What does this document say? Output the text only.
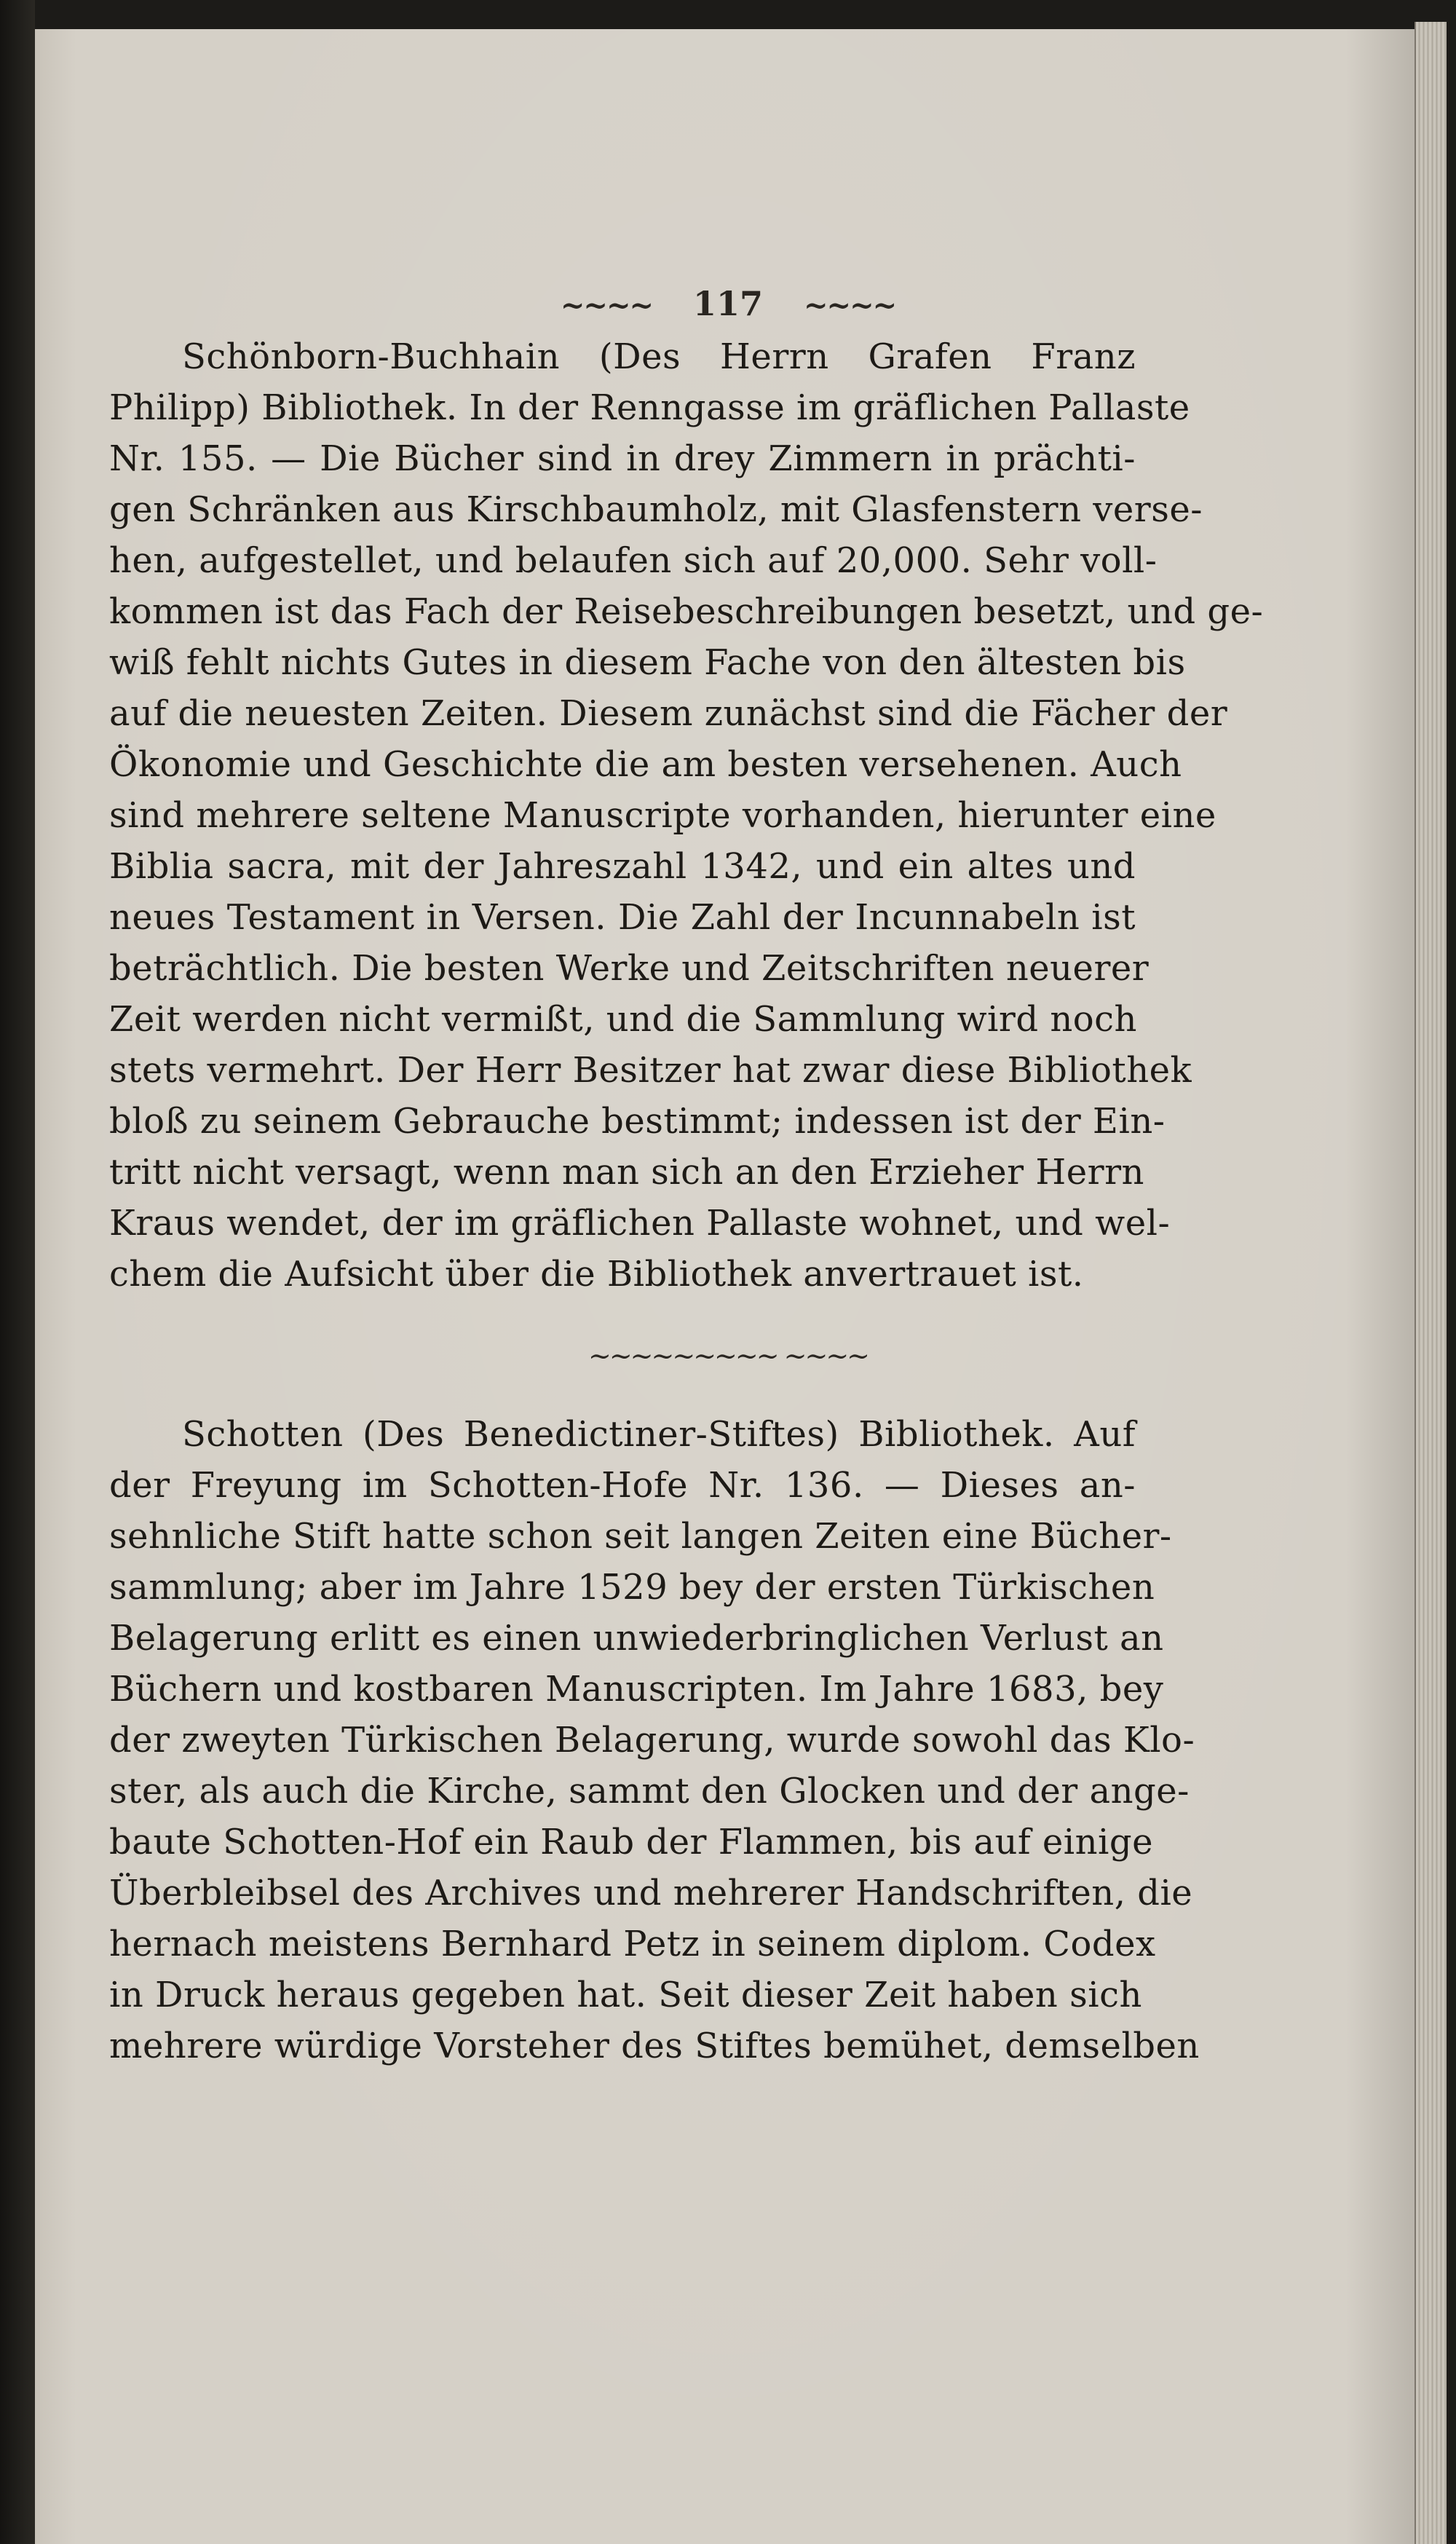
~~~~ 117 ~~~~
Schönborn-Buchhain (Des Herrn Grafen Franz
Philipp) Bibliothek. In der Renngasse im gräflichen Pallaste
Nr. 155. — Die Bücher sind in drey Zimmern in prächti-
gen Schränken aus Kirschbaumholz, mit Glasfenstern verse-
hen, aufgestellet, und belaufen sich auf 20,000. Sehr voll-
kommen ist das Fach der Reisebeschreibungen besetzt, und ge-
wiß fehlt nichts Gutes in diesem Fache von den ältesten bis
auf die neuesten Zeiten. Diesem zunächst sind die Fächer der
Ökonomie und Geschichte die am besten versehenen. Auch
sind mehrere seltene Manuscripte vorhanden, hierunter eine
Biblia sacra, mit der Jahreszahl 1342, und ein altes und
neues Testament in Versen. Die Zahl der Incunnabeln ist
beträchtlich. Die besten Werke und Zeitschriften neuerer
Zeit werden nicht vermißt, und die Sammlung wird noch
stets vermehrt. Der Herr Besitzer hat zwar diese Bibliothek
bloß zu seinem Gebrauche bestimmt; indessen ist der Ein-
tritt nicht versagt, wenn man sich an den Erzieher Herrn
Kraus wendet, der im gräflichen Pallaste wohnet, und wel-
chem die Aufsicht über die Bibliothek anvertrauet ist.
~~~~~~~~~ ~~~~
Schotten (Des Benedictiner-Stiftes) Bibliothek. Auf
der Freyung im Schotten-Hofe Nr. 136. — Dieses an-
sehnliche Stift hatte schon seit langen Zeiten eine Bücher-
sammlung; aber im Jahre 1529 bey der ersten Türkischen
Belagerung erlitt es einen unwiederbringlichen Verlust an
Büchern und kostbaren Manuscripten. Im Jahre 1683, bey
der zweyten Türkischen Belagerung, wurde sowohl das Klo-
ster, als auch die Kirche, sammt den Glocken und der ange-
baute Schotten-Hof ein Raub der Flammen, bis auf einige
Überbleibsel des Archives und mehrerer Handschriften, die
hernach meistens Bernhard Petz in seinem diplom. Codex
in Druck heraus gegeben hat. Seit dieser Zeit haben sich
mehrere würdige Vorsteher des Stiftes bemühet, demselben
